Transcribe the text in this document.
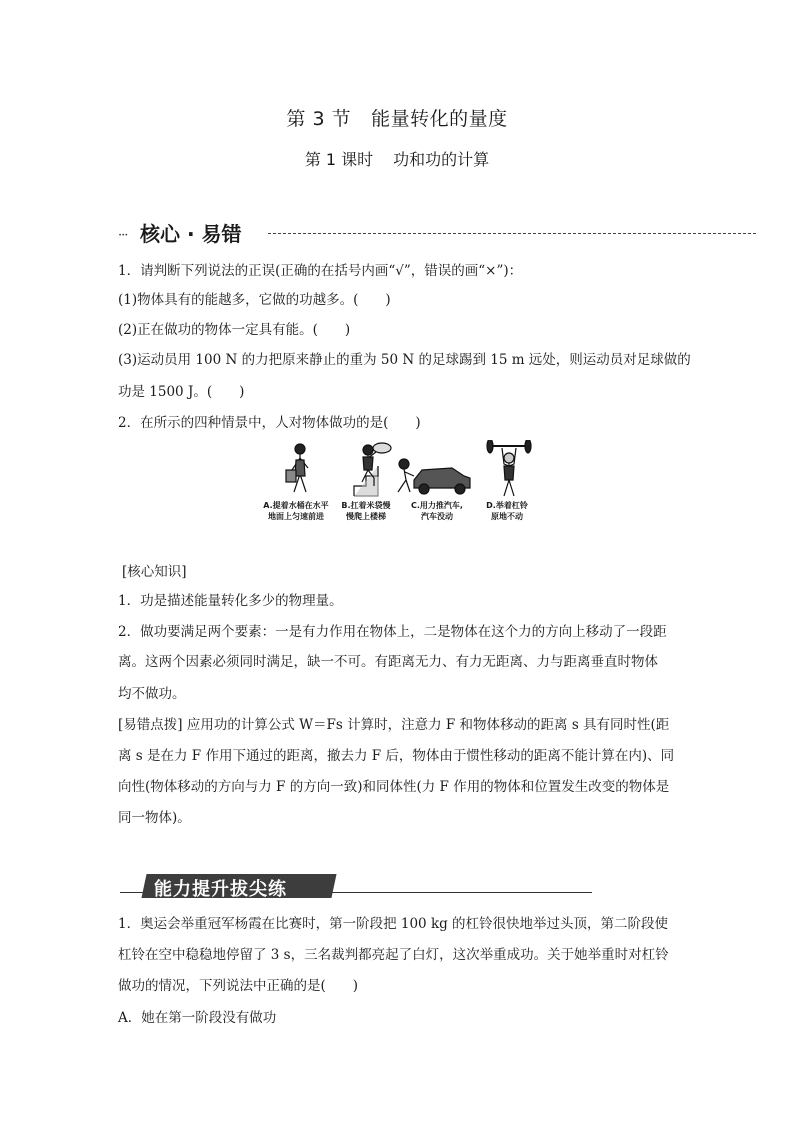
第 3 节 能量转化的量度
第 1 课时 功和功的计算
··· 核心 · 易错
1．请判断下列说法的正误(正确的在括号内画“√”，错误的画“×”)：
(1)物体具有的能越多，它做的功越多。(　　)
(2)正在做功的物体一定具有能。(　　)
(3)运动员用 100 N 的力把原来静止的重为 50 N 的足球踢到 15 m 远处，则运动员对足球做的
功是 1500 J。(　　)
2．在所示的四种情景中，人对物体做功的是(　　)
A.提着水桶在水平
地面上匀速前进
B.扛着米袋慢
慢爬上楼梯
C.用力推汽车,
汽车没动
D.举着杠铃
原地不动
[核心知识]
1．功是描述能量转化多少的物理量。
2．做功要满足两个要素：一是有力作用在物体上，二是物体在这个力的方向上移动了一段距
离。这两个因素必须同时满足，缺一不可。有距离无力、有力无距离、力与距离垂直时物体
均不做功。
[易错点拨] 应用功的计算公式 W＝Fs 计算时，注意力 F 和物体移动的距离 s 具有同时性(距
离 s 是在力 F 作用下通过的距离，撤去力 F 后，物体由于惯性移动的距离不能计算在内)、同
向性(物体移动的方向与力 F 的方向一致)和同体性(力 F 作用的物体和位置发生改变的物体是
同一物体)。
能力提升拔尖练
1．奥运会举重冠军杨霞在比赛时，第一阶段把 100 kg 的杠铃很快地举过头顶，第二阶段使
杠铃在空中稳稳地停留了 3 s，三名裁判都亮起了白灯，这次举重成功。关于她举重时对杠铃
做功的情况，下列说法中正确的是(　　)
A．她在第一阶段没有做功
